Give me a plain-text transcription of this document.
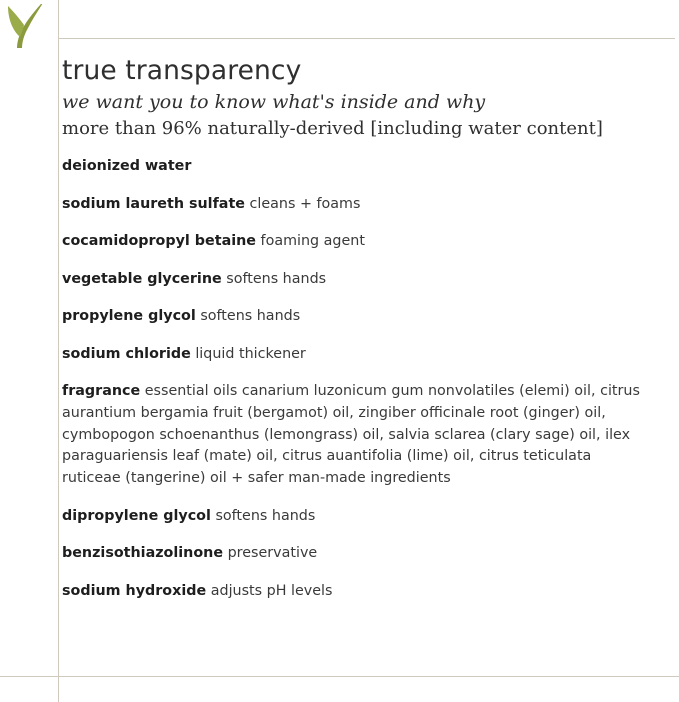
true transparency

we want you to know what's inside and why

more than 96% naturally-derived [including water content]

deionized water
sodium laureth sulfate cleans + foams
cocamidopropyl betaine foaming agent
vegetable glycerine softens hands
propylene glycol softens hands
sodium chloride liquid thickener
fragrance essential oils canarium luzonicum gum nonvolatiles (elemi) oil, citrus aurantium bergamia fruit (bergamot) oil, zingiber officinale root (ginger) oil, cymbopogon schoenanthus (lemongrass) oil, salvia sclarea (clary sage) oil, ilex paraguariensis leaf (mate) oil, citrus auantifolia (lime) oil, citrus teticulata ruticeae (tangerine) oil + safer man-made ingredients
dipropylene glycol softens hands
benzisothiazolinone preservative
sodium hydroxide adjusts pH levels
